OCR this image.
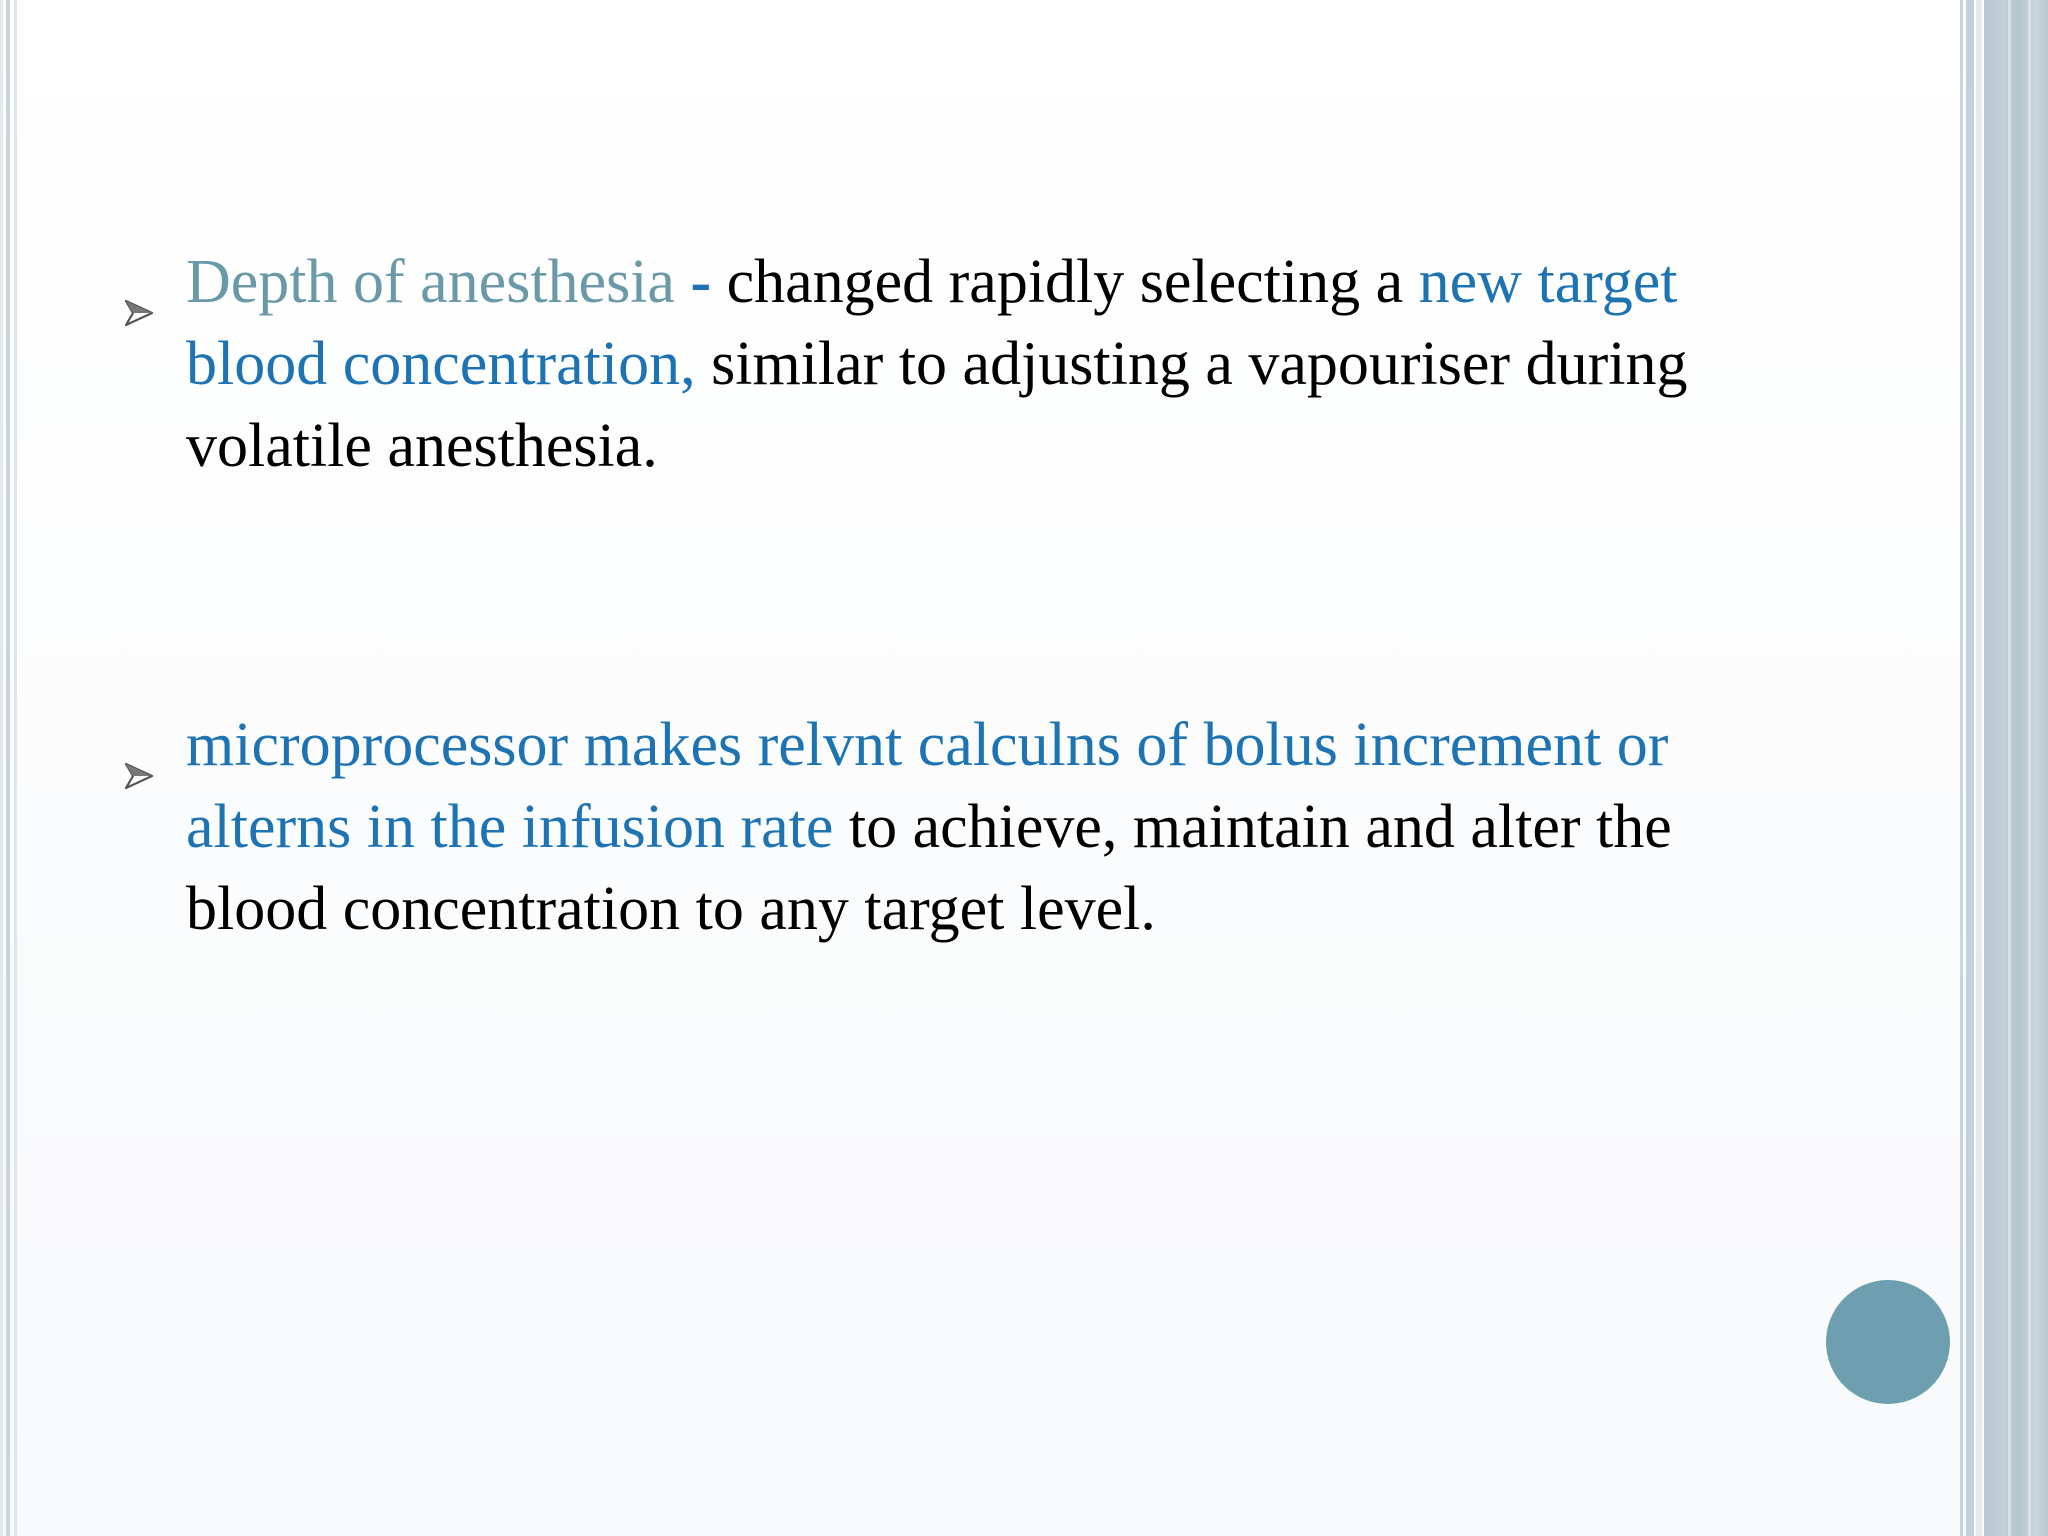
Depth of anesthesia - changed rapidly selecting a new target blood concentration, similar to adjusting a vapouriser during volatile anesthesia.
microprocessor makes relvnt calculns of bolus increment or alterns in the infusion rate to achieve, maintain and alter the blood concentration to any target level.
